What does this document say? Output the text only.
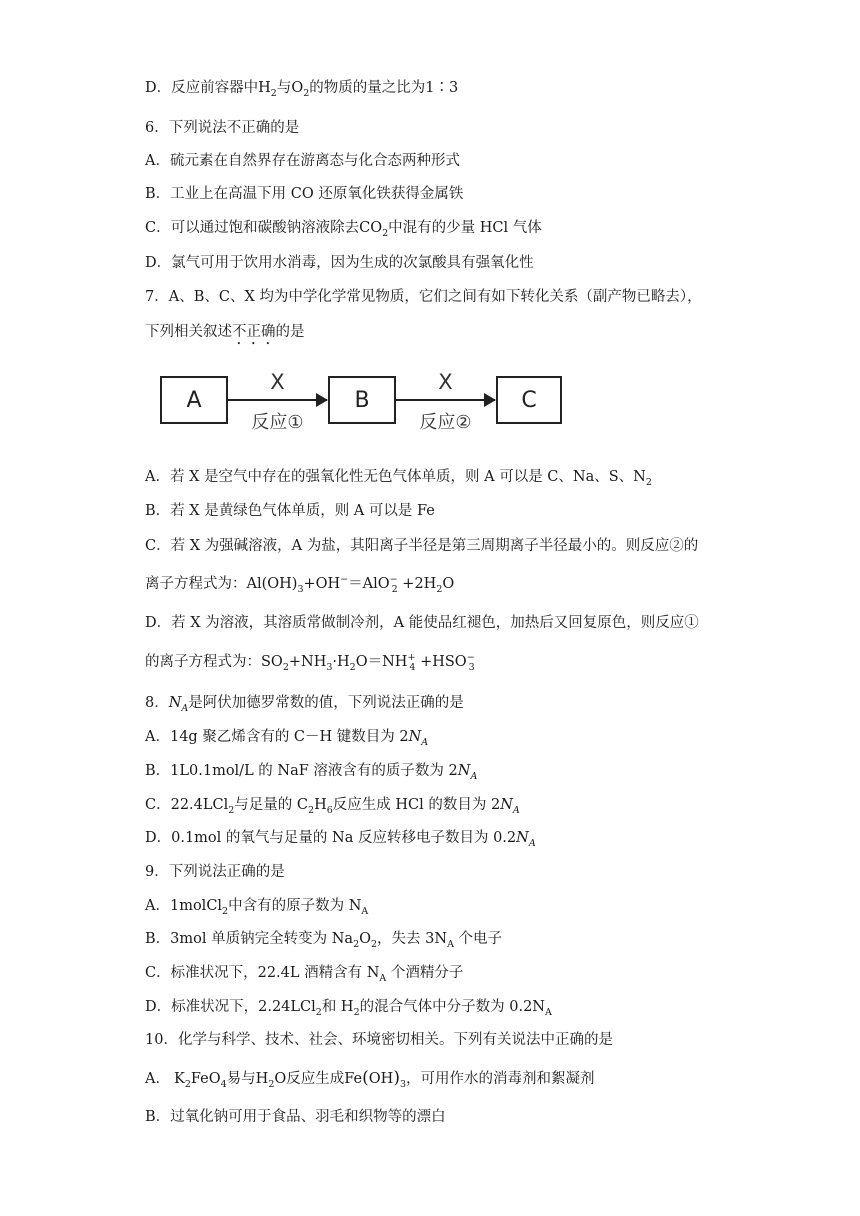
D．反应前容器中$H_2$与$O_2$的物质的量之比为1∶3
6．下列说法不正确的是
A．硫元素在自然界存在游离态与化合态两种形式
B．工业上在高温下用 CO 还原氧化铁获得金属铁
C．可以通过饱和碳酸钠溶液除去$CO_2$中混有的少量 HCl 气体
D．氯气可用于饮用水消毒，因为生成的次氯酸具有强氧化性
7．A、B、C、X 均为中学化学常见物质，它们之间有如下转化关系（副产物已略去），
下列相关叙述不正确的是
A
X
反应①
B
X
反应②
C
A．若 X 是空气中存在的强氧化性无色气体单质，则 A 可以是 C、Na、S、$N_2$
B．若 X 是黄绿色气体单质，则 A 可以是 Fe
C．若 X 为强碱溶液，A 为盐，其阳离子半径是第三周期离子半径最小的。则反应②的
离子方程式为：$Al(OH)_3+OH^-=AlO^-_2 +2H_2O$
D．若 X 为溶液，其溶质常做制冷剂，A 能使品红褪色，加热后又回复原色，则反应①
的离子方程式为：$SO_2+NH_3\cdot H_2O=NH^+_4 +HSO^-_3$
8．$N_A$是阿伏加德罗常数的值，下列说法正确的是
A．14g 聚乙烯含有的 C－H 键数目为 $2N_A$
B．1L0.1mol/L 的 NaF 溶液含有的质子数为 $2N_A$
C．22.4LCl$_2$与足量的 $C_2H_6$反应生成 HCl 的数目为 $2N_A$
D．0.1mol 的氧气与足量的 Na 反应转移电子数目为 $0.2N_A$
9．下列说法正确的是
A．1molCl$_2$中含有的原子数为 $N_A$
B．3mol 单质钠完全转变为 $Na_2O_2$，失去 $3N_A$ 个电子
C．标准状况下，22.4L 酒精含有 $N_A$ 个酒精分子
D．标准状况下，2.24LCl$_2$和 $H_2$的混合气体中分子数为 $0.2N_A$
10．化学与科学、技术、社会、环境密切相关。下列有关说法中正确的是
A． $K_2FeO_4$易与$H_2O$反应生成$Fe(OH)_3$，可用作水的消毒剂和絮凝剂
B．过氧化钠可用于食品、羽毛和织物等的漂白
